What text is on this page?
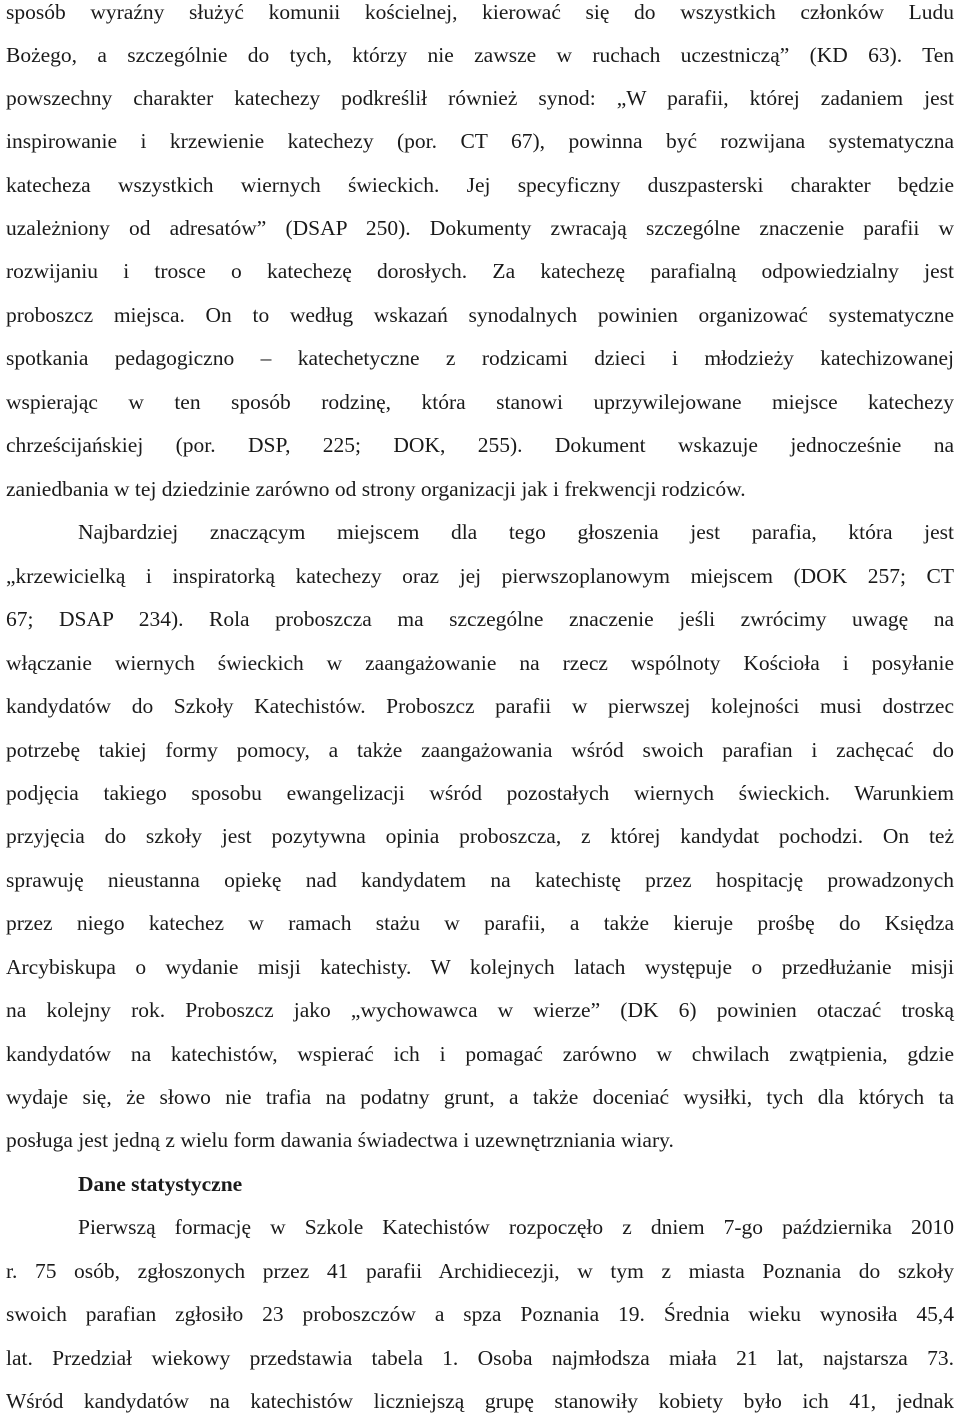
sposób wyraźny służyć komunii kościelnej, kierować się do wszystkich członków Ludu
Bożego, a szczególnie do tych, którzy nie zawsze w ruchach uczestniczą” (KD 63). Ten
powszechny charakter katechezy podkreślił również synod: „W parafii, której zadaniem jest
inspirowanie i krzewienie katechezy (por. CT 67), powinna być rozwijana systematyczna
katecheza wszystkich wiernych świeckich. Jej specyficzny duszpasterski charakter będzie
uzależniony od adresatów” (DSAP 250). Dokumenty zwracają szczególne znaczenie parafii w
rozwijaniu i trosce o katechezę dorosłych. Za katechezę parafialną odpowiedzialny jest
proboszcz miejsca. On to według wskazań synodalnych powinien organizować systematyczne
spotkania pedagogiczno – katechetyczne z rodzicami dzieci i młodzieży katechizowanej
wspierając w ten sposób rodzinę, która stanowi uprzywilejowane miejsce katechezy
chrześcijańskiej (por. DSP, 225; DOK, 255). Dokument wskazuje jednocześnie na
zaniedbania w tej dziedzinie zarówno od strony organizacji jak i frekwencji rodziców.
Najbardziej znaczącym miejscem dla tego głoszenia jest parafia, która jest
„krzewicielką i inspiratorką katechezy oraz jej pierwszoplanowym miejscem (DOK 257; CT
67; DSAP 234). Rola proboszcza ma szczególne znaczenie jeśli zwrócimy uwagę na
włączanie wiernych świeckich w zaangażowanie na rzecz wspólnoty Kościoła i posyłanie
kandydatów do Szkoły Katechistów. Proboszcz parafii w pierwszej kolejności musi dostrzec
potrzebę takiej formy pomocy, a także zaangażowania wśród swoich parafian i zachęcać do
podjęcia takiego sposobu ewangelizacji wśród pozostałych wiernych świeckich. Warunkiem
przyjęcia do szkoły jest pozytywna opinia proboszcza, z której kandydat pochodzi. On też
sprawuję nieustanna opiekę nad kandydatem na katechistę przez hospitację prowadzonych
przez niego katechez w ramach stażu w parafii, a także kieruje prośbę do Księdza
Arcybiskupa o wydanie misji katechisty. W kolejnych latach występuje o przedłużanie misji
na kolejny rok. Proboszcz jako „wychowawca w wierze” (DK 6) powinien otaczać troską
kandydatów na katechistów, wspierać ich i pomagać zarówno w chwilach zwątpienia, gdzie
wydaje się, że słowo nie trafia na podatny grunt, a także doceniać wysiłki, tych dla których ta
posługa jest jedną z wielu form dawania świadectwa i uzewnętrzniania wiary.
Dane statystyczne
Pierwszą formację w Szkole Katechistów rozpoczęło z dniem 7-go października 2010
r. 75 osób, zgłoszonych przez 41 parafii Archidiecezji, w tym z miasta Poznania do szkoły
swoich parafian zgłosiło 23 proboszczów a spza Poznania 19. Średnia wieku wynosiła 45,4
lat. Przedział wiekowy przedstawia tabela 1. Osoba najmłodsza miała 21 lat, najstarsza 73.
Wśród kandydatów na katechistów liczniejszą grupę stanowiły kobiety było ich 41, jednak
